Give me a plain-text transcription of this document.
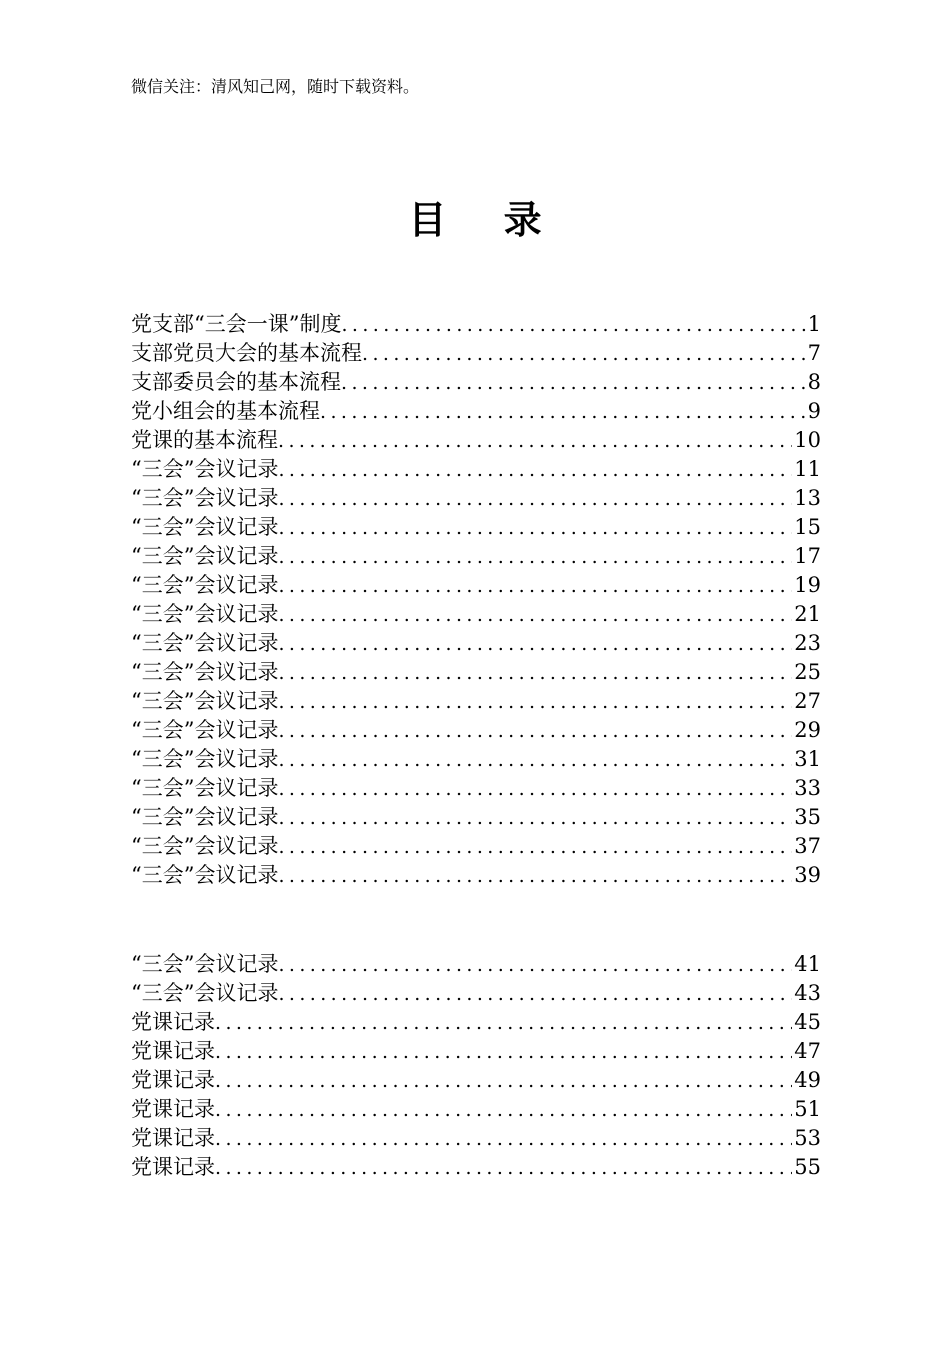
微信关注：清风知己网，随时下载资料。
目 录
党支部“三会一课”制度 .....	1
支部党员大会的基本流程 .....	7
支部委员会的基本流程 .....	8
党小组会的基本流程 .....	9
党课的基本流程 .....	10
“三会”会议记录 .....	11
“三会”会议记录 .....	13
“三会”会议记录 .....	15
“三会”会议记录 .....	17
“三会”会议记录 .....	19
“三会”会议记录 .....	21
“三会”会议记录 .....	23
“三会”会议记录 .....	25
“三会”会议记录 .....	27
“三会”会议记录 .....	29
“三会”会议记录 .....	31
“三会”会议记录 .....	33
“三会”会议记录 .....	35
“三会”会议记录 .....	37
“三会”会议记录 .....	39
“三会”会议记录 .....	41
“三会”会议记录 .....	43
党课记录 .....	45
党课记录 .....	47
党课记录 .....	49
党课记录 .....	51
党课记录 .....	53
党课记录 .....	55
